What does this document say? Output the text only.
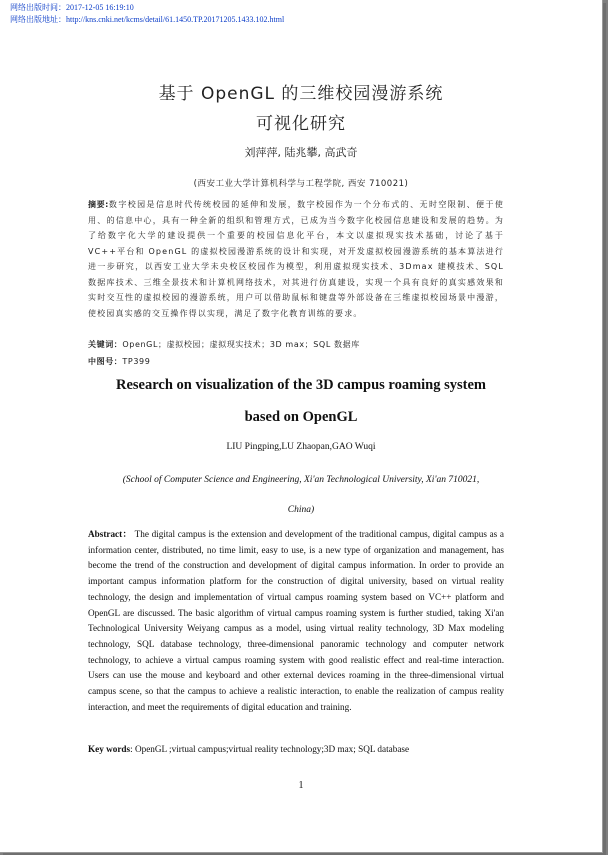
网络出版时间：2017-12-05 16:19:10
网络出版地址：http://kns.cnki.net/kcms/detail/61.1450.TP.20171205.1433.102.html
基于 OpenGL 的三维校园漫游系统
可视化研究
刘萍萍, 陆兆攀, 高武奇
(西安工业大学计算机科学与工程学院, 西安 710021)

摘要:数字校园是信息时代传统校园的延伸和发展，数字校园作为一个分布式的、无时空限制、便于使用、的信息中心，具有一种全新的组织和管理方式，已成为当今数字化校园信息建设和发展的趋势。为了给数字化大学的建设提供一个重要的校园信息化平台，本文以虚拟现实技术基础，讨论了基于 VC++平台和 OpenGL 的虚拟校园漫游系统的设计和实现，对开发虚拟校园漫游系统的基本算法进行进一步研究，以西安工业大学未央校区校园作为模型，利用虚拟现实技术、3Dmax 建模技术、SQL 数据库技术、三维全景技术和计算机网络技术，对其进行仿真建设，实现一个具有良好的真实感效果和实时交互性的虚拟校园的漫游系统，用户可以借助鼠标和键盘等外部设备在三维虚拟校园场景中漫游，使校园真实感的交互操作得以实现，满足了数字化教育训练的要求。

关键词：OpenGL；虚拟校园；虚拟现实技术；3D max；SQL 数据库
中图号：TP399
Research on visualization of the 3D campus roaming system
based on OpenGL
LIU Pingping,LU Zhaopan,GAO Wuqi
(School of Computer Science and Engineering, Xi'an Technological University, Xi'an 710021,
China)

Abstract： The digital campus is the extension and development of the traditional campus, digital campus as a information center, distributed, no time limit, easy to use, is a new type of organization and management, has become the trend of the construction and development of digital campus information. In order to provide an important campus information platform for the construction of digital university, based on virtual reality technology, the design and implementation of virtual campus roaming system based on VC++ platform and OpenGL are discussed. The basic algorithm of virtual campus roaming system is further studied, taking Xi'an Technological University Weiyang campus as a model, using virtual reality technology, 3D Max modeling technology, SQL database technology, three-dimensional panoramic technology and computer network technology, to achieve a virtual campus roaming system with good realistic effect and real-time interaction. Users can use the mouse and keyboard and other external devices roaming in the three-dimensional virtual campus scene, so that the campus to achieve a realistic interaction, to enable the realization of campus reality interaction, and meet the requirements of digital education and training.

Key words: OpenGL ;virtual campus;virtual reality technology;3D max; SQL database
1
